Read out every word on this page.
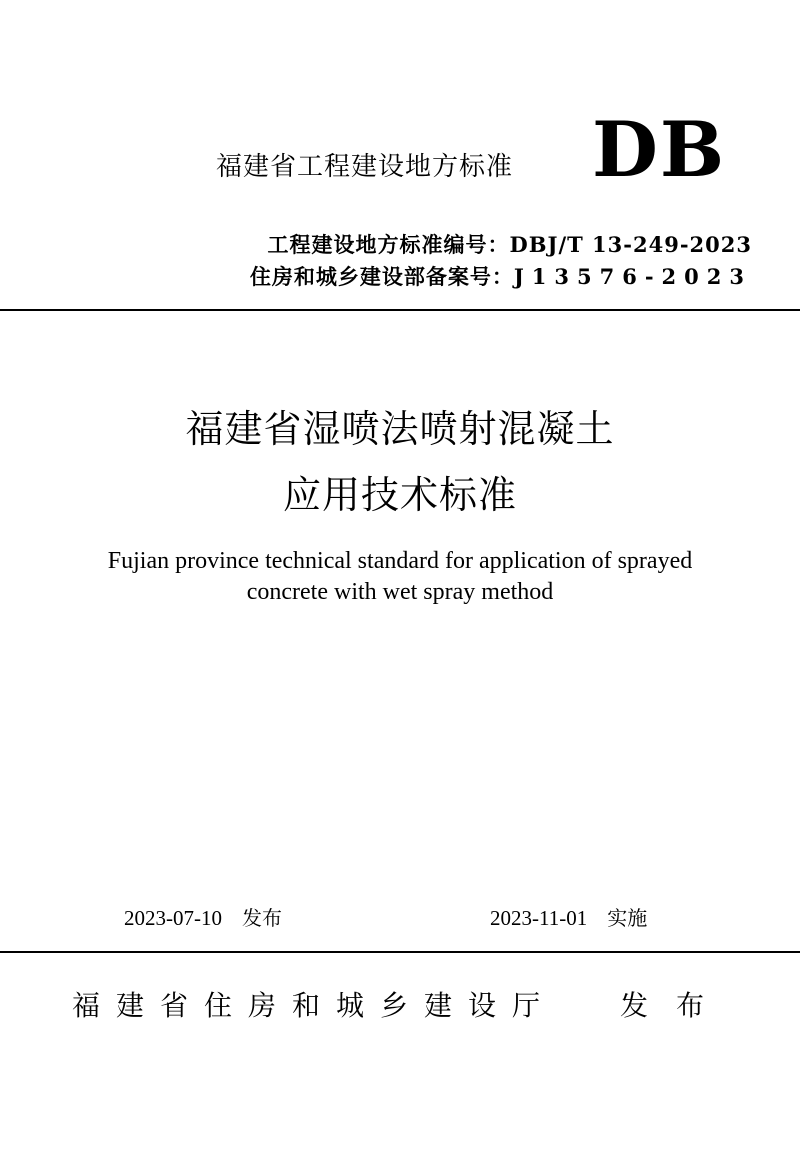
福建省工程建设地方标准 DB
工程建设地方标准编号：DBJ/T 13-249-2023
住房和城乡建设部备案号：J13576-2023
福建省湿喷法喷射混凝土
应用技术标准
Fujian province technical standard for application of sprayed
concrete with wet spray method
2023-07-10 发布	2023-11-01 实施
福建省住房和城乡建设厅 发布
